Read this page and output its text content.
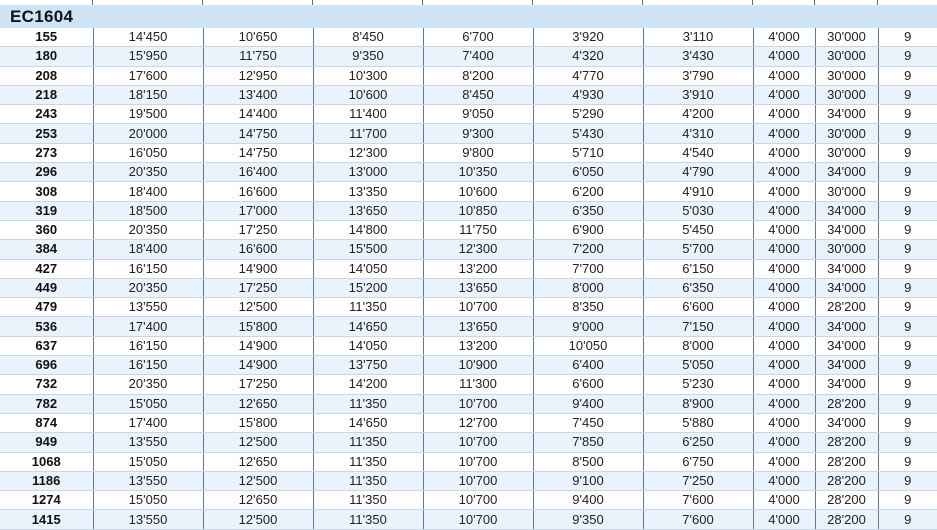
EC1604
155	14'450	10'650	8'450	6'700	3'920	3'110	4'000	30'000	9
180	15'950	11'750	9'350	7'400	4'320	3'430	4'000	30'000	9
208	17'600	12'950	10'300	8'200	4'770	3'790	4'000	30'000	9
218	18'150	13'400	10'600	8'450	4'930	3'910	4'000	30'000	9
243	19'500	14'400	11'400	9'050	5'290	4'200	4'000	34'000	9
253	20'000	14'750	11'700	9'300	5'430	4'310	4'000	30'000	9
273	16'050	14'750	12'300	9'800	5'710	4'540	4'000	30'000	9
296	20'350	16'400	13'000	10'350	6'050	4'790	4'000	34'000	9
308	18'400	16'600	13'350	10'600	6'200	4'910	4'000	30'000	9
319	18'500	17'000	13'650	10'850	6'350	5'030	4'000	34'000	9
360	20'350	17'250	14'800	11'750	6'900	5'450	4'000	34'000	9
384	18'400	16'600	15'500	12'300	7'200	5'700	4'000	30'000	9
427	16'150	14'900	14'050	13'200	7'700	6'150	4'000	34'000	9
449	20'350	17'250	15'200	13'650	8'000	6'350	4'000	34'000	9
479	13'550	12'500	11'350	10'700	8'350	6'600	4'000	28'200	9
536	17'400	15'800	14'650	13'650	9'000	7'150	4'000	34'000	9
637	16'150	14'900	14'050	13'200	10'050	8'000	4'000	34'000	9
696	16'150	14'900	13'750	10'900	6'400	5'050	4'000	34'000	9
732	20'350	17'250	14'200	11'300	6'600	5'230	4'000	34'000	9
782	15'050	12'650	11'350	10'700	9'400	8'900	4'000	28'200	9
874	17'400	15'800	14'650	12'700	7'450	5'880	4'000	34'000	9
949	13'550	12'500	11'350	10'700	7'850	6'250	4'000	28'200	9
1068	15'050	12'650	11'350	10'700	8'500	6'750	4'000	28'200	9
1186	13'550	12'500	11'350	10'700	9'100	7'250	4'000	28'200	9
1274	15'050	12'650	11'350	10'700	9'400	7'600	4'000	28'200	9
1415	13'550	12'500	11'350	10'700	9'350	7'600	4'000	28'200	9
